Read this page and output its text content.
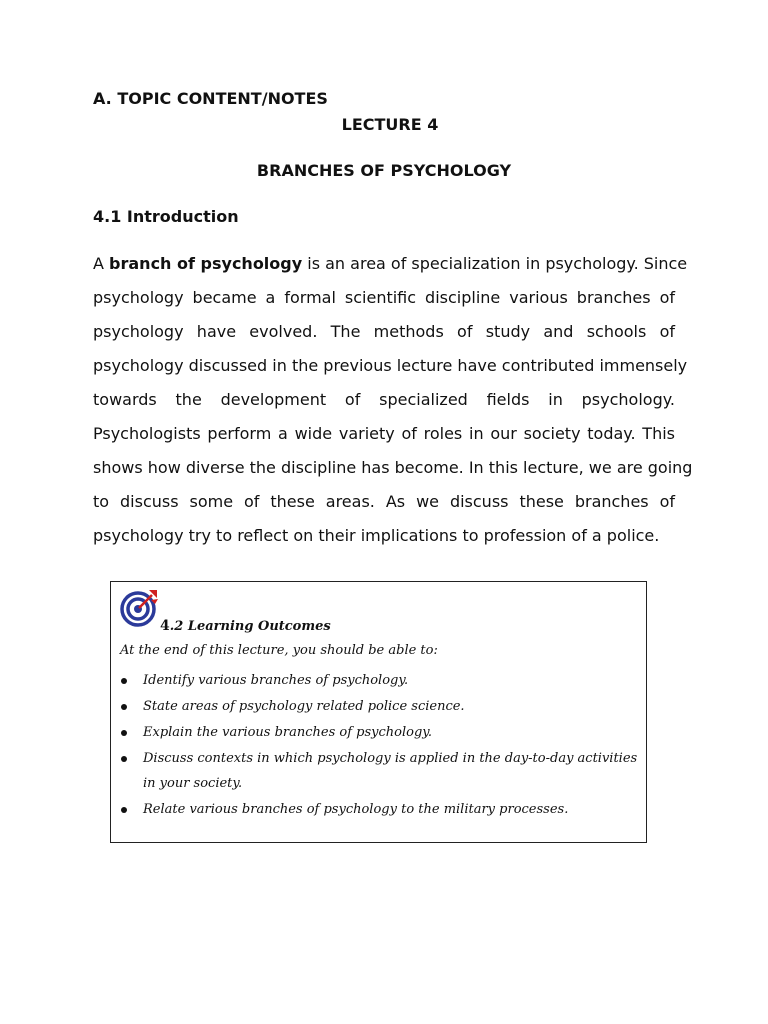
A. TOPIC CONTENT/NOTES
LECTURE 4
BRANCHES OF PSYCHOLOGY
4.1 Introduction
A branch of psychology is an area of specialization in psychology. Since
psychology became a formal scientific discipline various branches of
psychology have evolved. The methods of study and schools of
psychology discussed in the previous lecture have contributed immensely
towards the development of specialized fields in psychology.
Psychologists perform a wide variety of roles in our society today. This
shows how diverse the discipline has become. In this lecture, we are going
to discuss some of these areas. As we discuss these branches of
psychology try to reflect on their implications to profession of a police.
4.2 Learning Outcomes
At the end of this lecture, you should be able to:
Identify various branches of psychology.
State areas of psychology related police science.
Explain the various branches of psychology.
Discuss contexts in which psychology is applied in the day-to-day activities in your society.
Relate various branches of psychology to the military processes.
